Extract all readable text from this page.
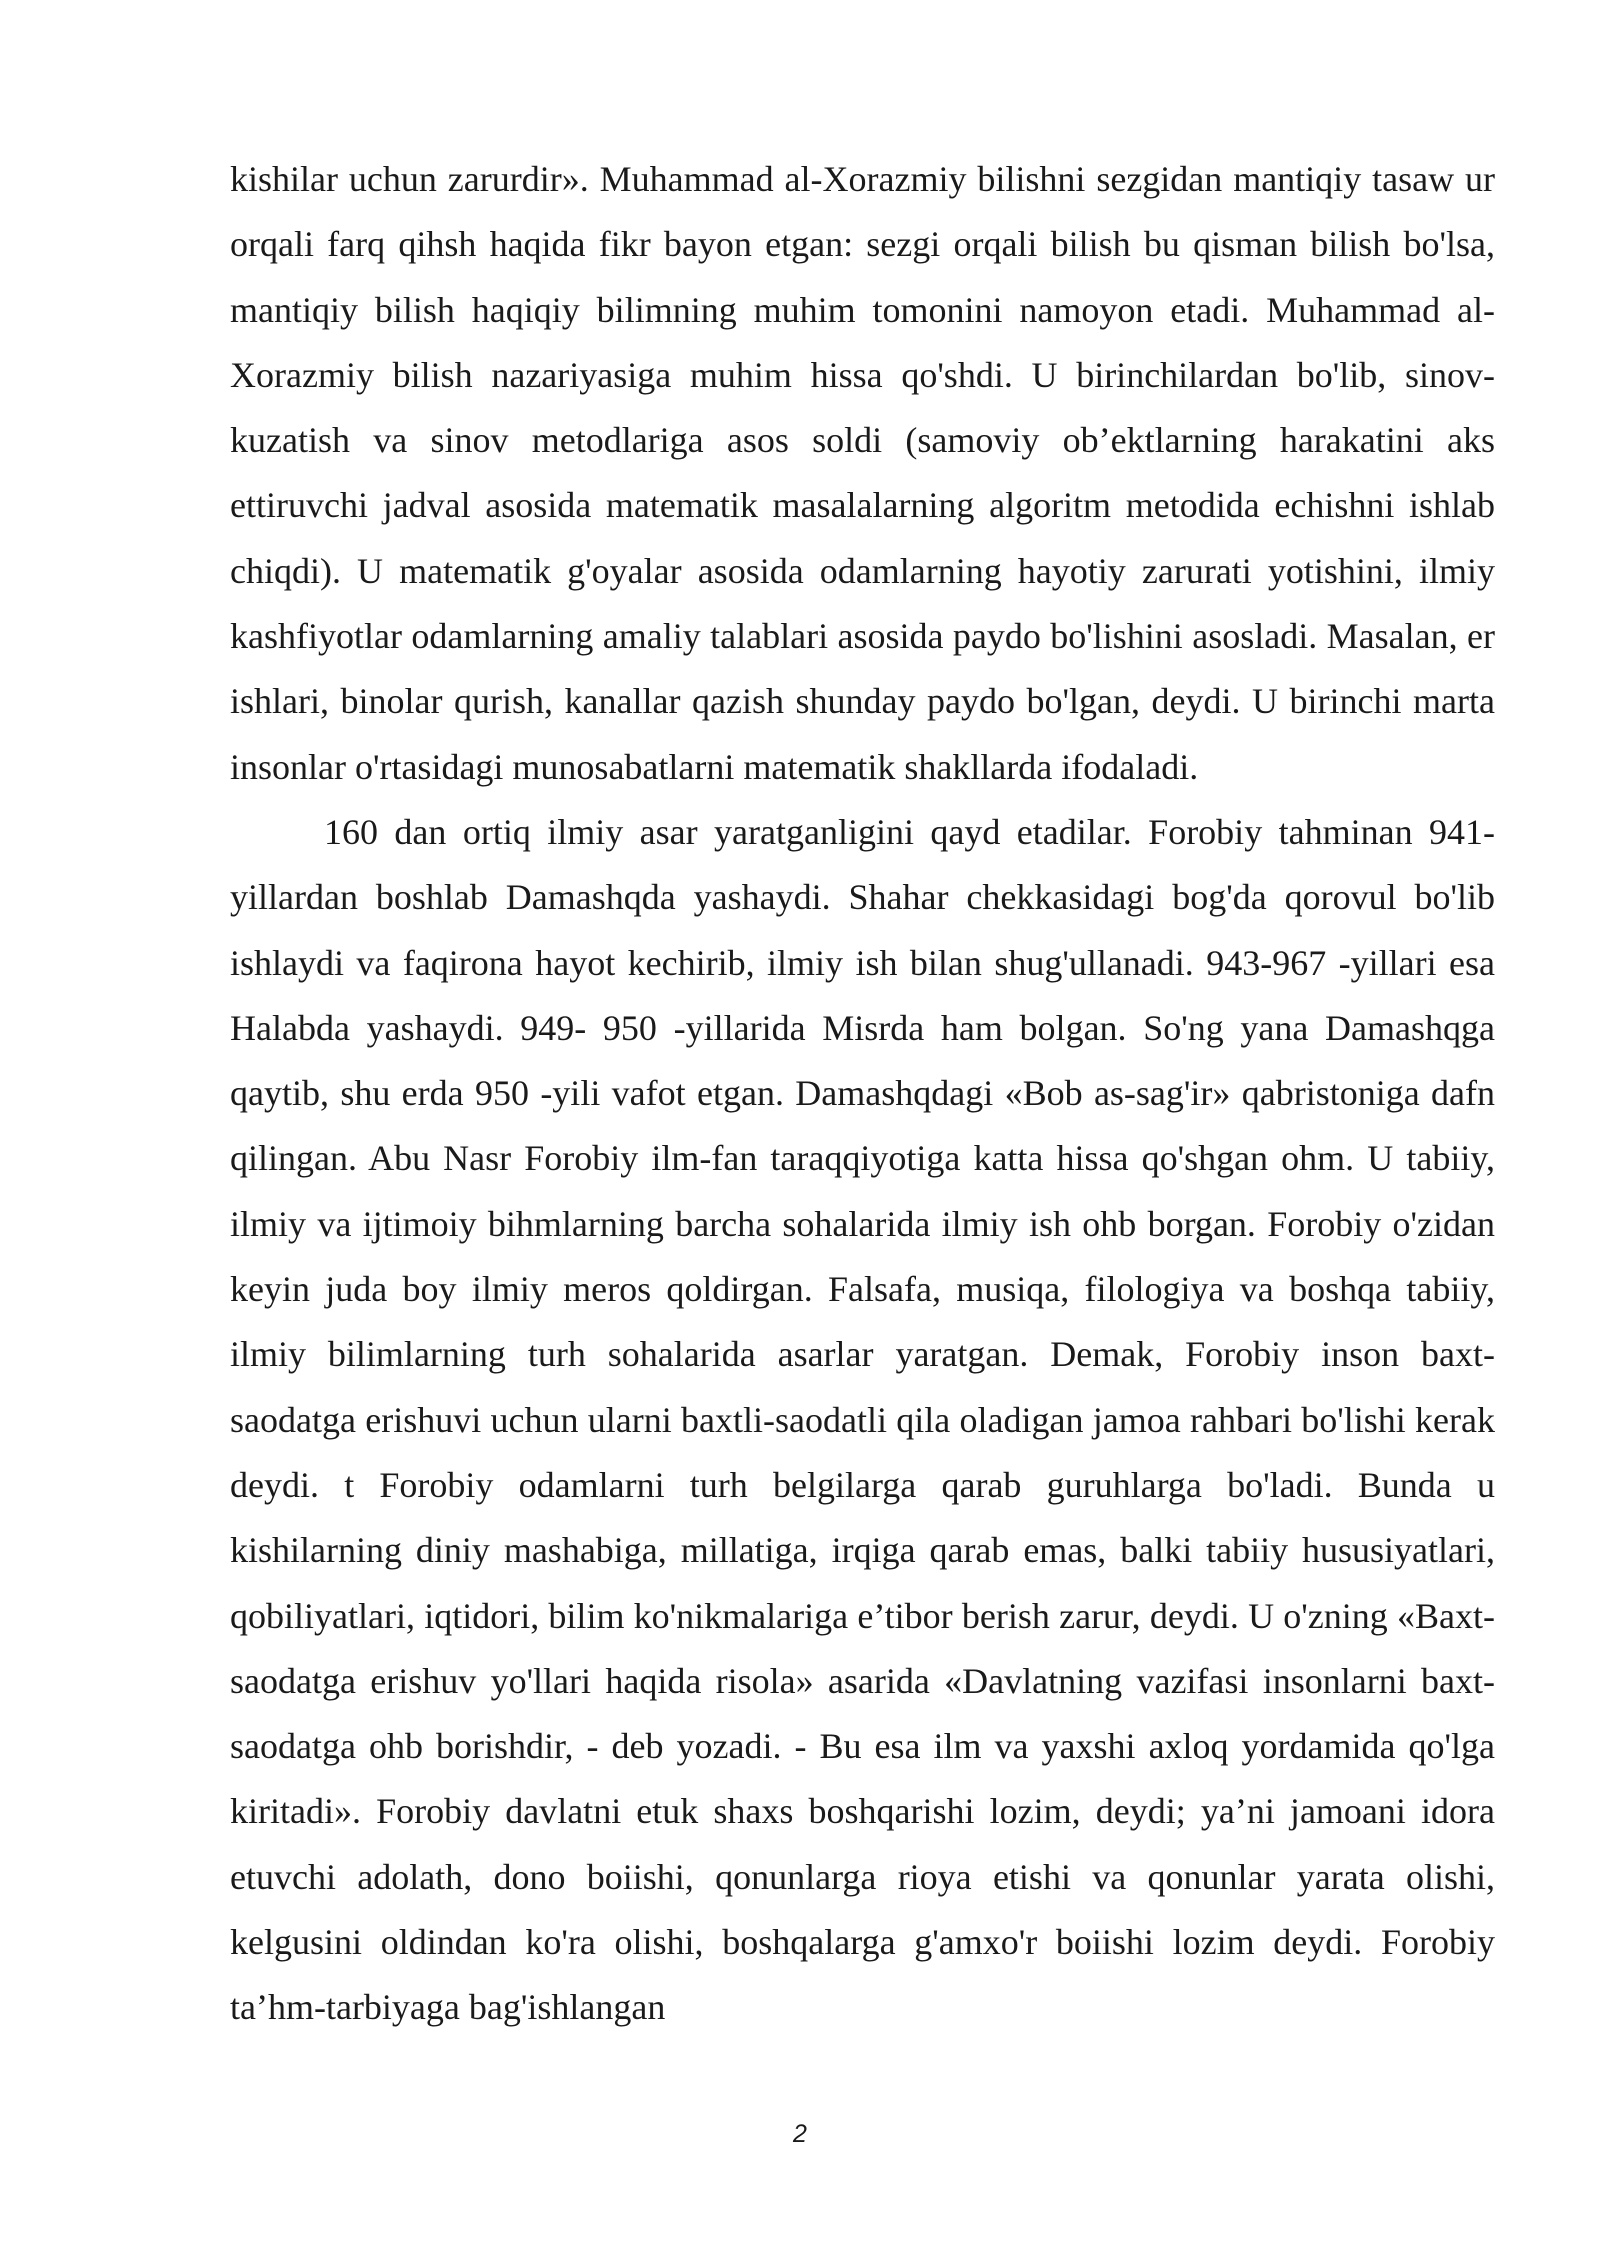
kishilar uchun zarurdir». Muhammad al-Xorazmiy bilishni sezgidan mantiqiy tasaw ur orqali farq qihsh haqida fikr bayon etgan: sezgi orqali bilish bu qisman bilish bo'lsa, mantiqiy bilish haqiqiy bilimning muhim tomonini namoyon etadi. Muhammad al-Xorazmiy bilish nazariyasiga muhim hissa qo'shdi. U birinchilardan bo'lib, sinov-kuzatish va sinov metodlariga asos soldi (samoviy ob’ektlarning harakatini aks ettiruvchi jadval asosida matematik masalalarning algoritm metodida echishni ishlab chiqdi). U matematik g'oyalar asosida odamlarning hayotiy zarurati yotishini, ilmiy kashfiyotlar odamlarning amaliy talablari asosida paydo bo'lishini asosladi. Masalan, er ishlari, binolar qurish, kanallar qazish shunday paydo bo'lgan, deydi. U birinchi marta insonlar o'rtasidagi munosabatlarni matematik shakllarda ifodaladi.

160 dan ortiq ilmiy asar yaratganligini qayd etadilar. Forobiy tahminan 941-yillardan boshlab Damashqda yashaydi. Shahar chekkasidagi bog'da qorovul bo'lib ishlaydi va faqirona hayot kechirib, ilmiy ish bilan shug'ullanadi. 943-967 -yillari esa Halabda yashaydi. 949- 950 -yillarida Misrda ham bolgan. So'ng yana Damashqga qaytib, shu erda 950 -yili vafot etgan. Damashqdagi «Bob as-sag'ir» qabristoniga dafn qilingan. Abu Nasr Forobiy ilm-fan taraqqiyotiga katta hissa qo'shgan ohm. U tabiiy, ilmiy va ijtimoiy bihmlarning barcha sohalarida ilmiy ish ohb borgan. Forobiy o'zidan keyin juda boy ilmiy meros qoldirgan. Falsafa, musiqa, filologiya va boshqa tabiiy, ilmiy bilimlarning turh sohalarida asarlar yaratgan. Demak, Forobiy inson baxt- saodatga erishuvi uchun ularni baxtli-saodatli qila oladigan jamoa rahbari bo'lishi kerak deydi. t Forobiy odamlarni turh belgilarga qarab guruhlarga bo'ladi. Bunda u kishilarning diniy mashabiga, millatiga, irqiga qarab emas, balki tabiiy hususiyatlari, qobiliyatlari, iqtidori, bilim ko'nikmalariga e’tibor berish zarur, deydi. U o'zning «Baxt-saodatga erishuv yo'llari haqida risola» asarida «Davlatning vazifasi insonlarni baxt-saodatga ohb borishdir, - deb yozadi. - Bu esa ilm va yaxshi axloq yordamida qo'lga kiritadi». Forobiy davlatni etuk shaxs boshqarishi lozim, deydi; ya’ni jamoani idora etuvchi adolath, dono boiishi, qonunlarga rioya etishi va qonunlar yarata olishi, kelgusini oldindan ko'ra olishi, boshqalarga g'amxo'r boiishi lozim deydi. Forobiy ta’hm-tarbiyaga bag'ishlangan

2
